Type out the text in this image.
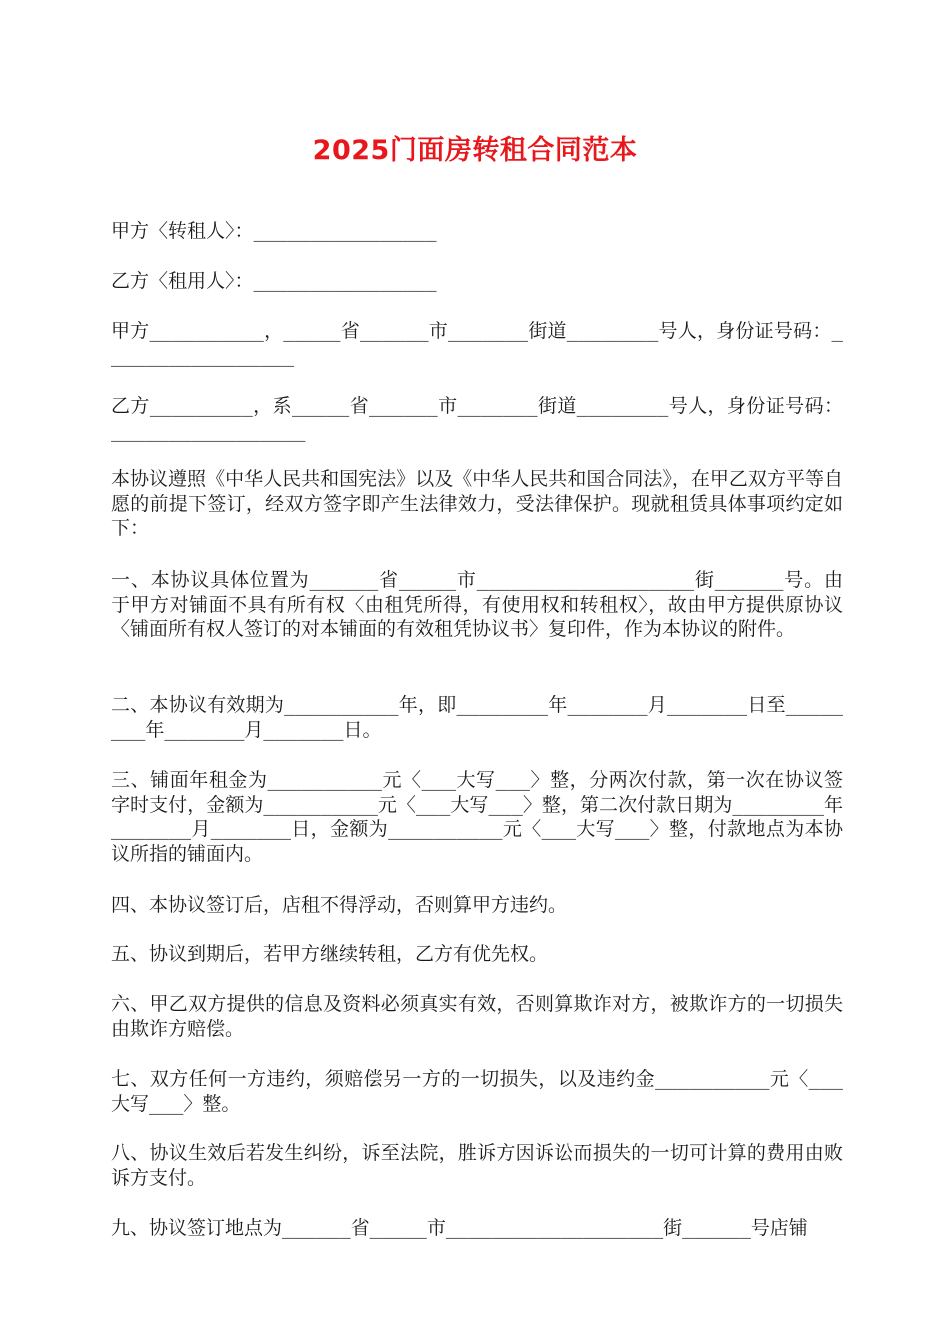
2025门面房转租合同范本

甲方〈转租人〉：________________

乙方〈租用人〉：________________

甲方__________，_____省______市_______街道________号人，身份证号码：_________________

乙方_________，系_____省______市_______街道________号人，身份证号码：_________________

本协议遵照《中华人民共和国宪法》以及《中华人民共和国合同法》，在甲乙双方平等自愿的前提下签订，经双方签字即产生法律效力，受法律保护。现就租赁具体事项约定如下：

一、本协议具体位置为______省_____市___________________街______号。由于甲方对铺面不具有所有权〈由租凭所得，有使用权和转租权〉，故由甲方提供原协议〈铺面所有权人签订的对本铺面的有效租凭协议书〉复印件，作为本协议的附件。

二、本协议有效期为__________年，即________年_______月_______日至________年_______月_______日。

三、铺面年租金为__________元〈___大写___〉整，分两次付款，第一次在协议签字时支付，金额为__________元〈___大写___〉整，第二次付款日期为________年_______月_______日，金额为__________元〈___大写___〉整，付款地点为本协议所指的铺面内。

四、本协议签订后，店租不得浮动，否则算甲方违约。

五、协议到期后，若甲方继续转租，乙方有优先权。

六、甲乙双方提供的信息及资料必须真实有效，否则算欺诈对方，被欺诈方的一切损失由欺诈方赔偿。

七、双方任何一方违约，须赔偿另一方的一切损失，以及违约金__________元〈___大写___〉整。

八、协议生效后若发生纠纷，诉至法院，胜诉方因诉讼而损失的一切可计算的费用由败诉方支付。

九、协议签订地点为______省_____市___________________街______号店铺
